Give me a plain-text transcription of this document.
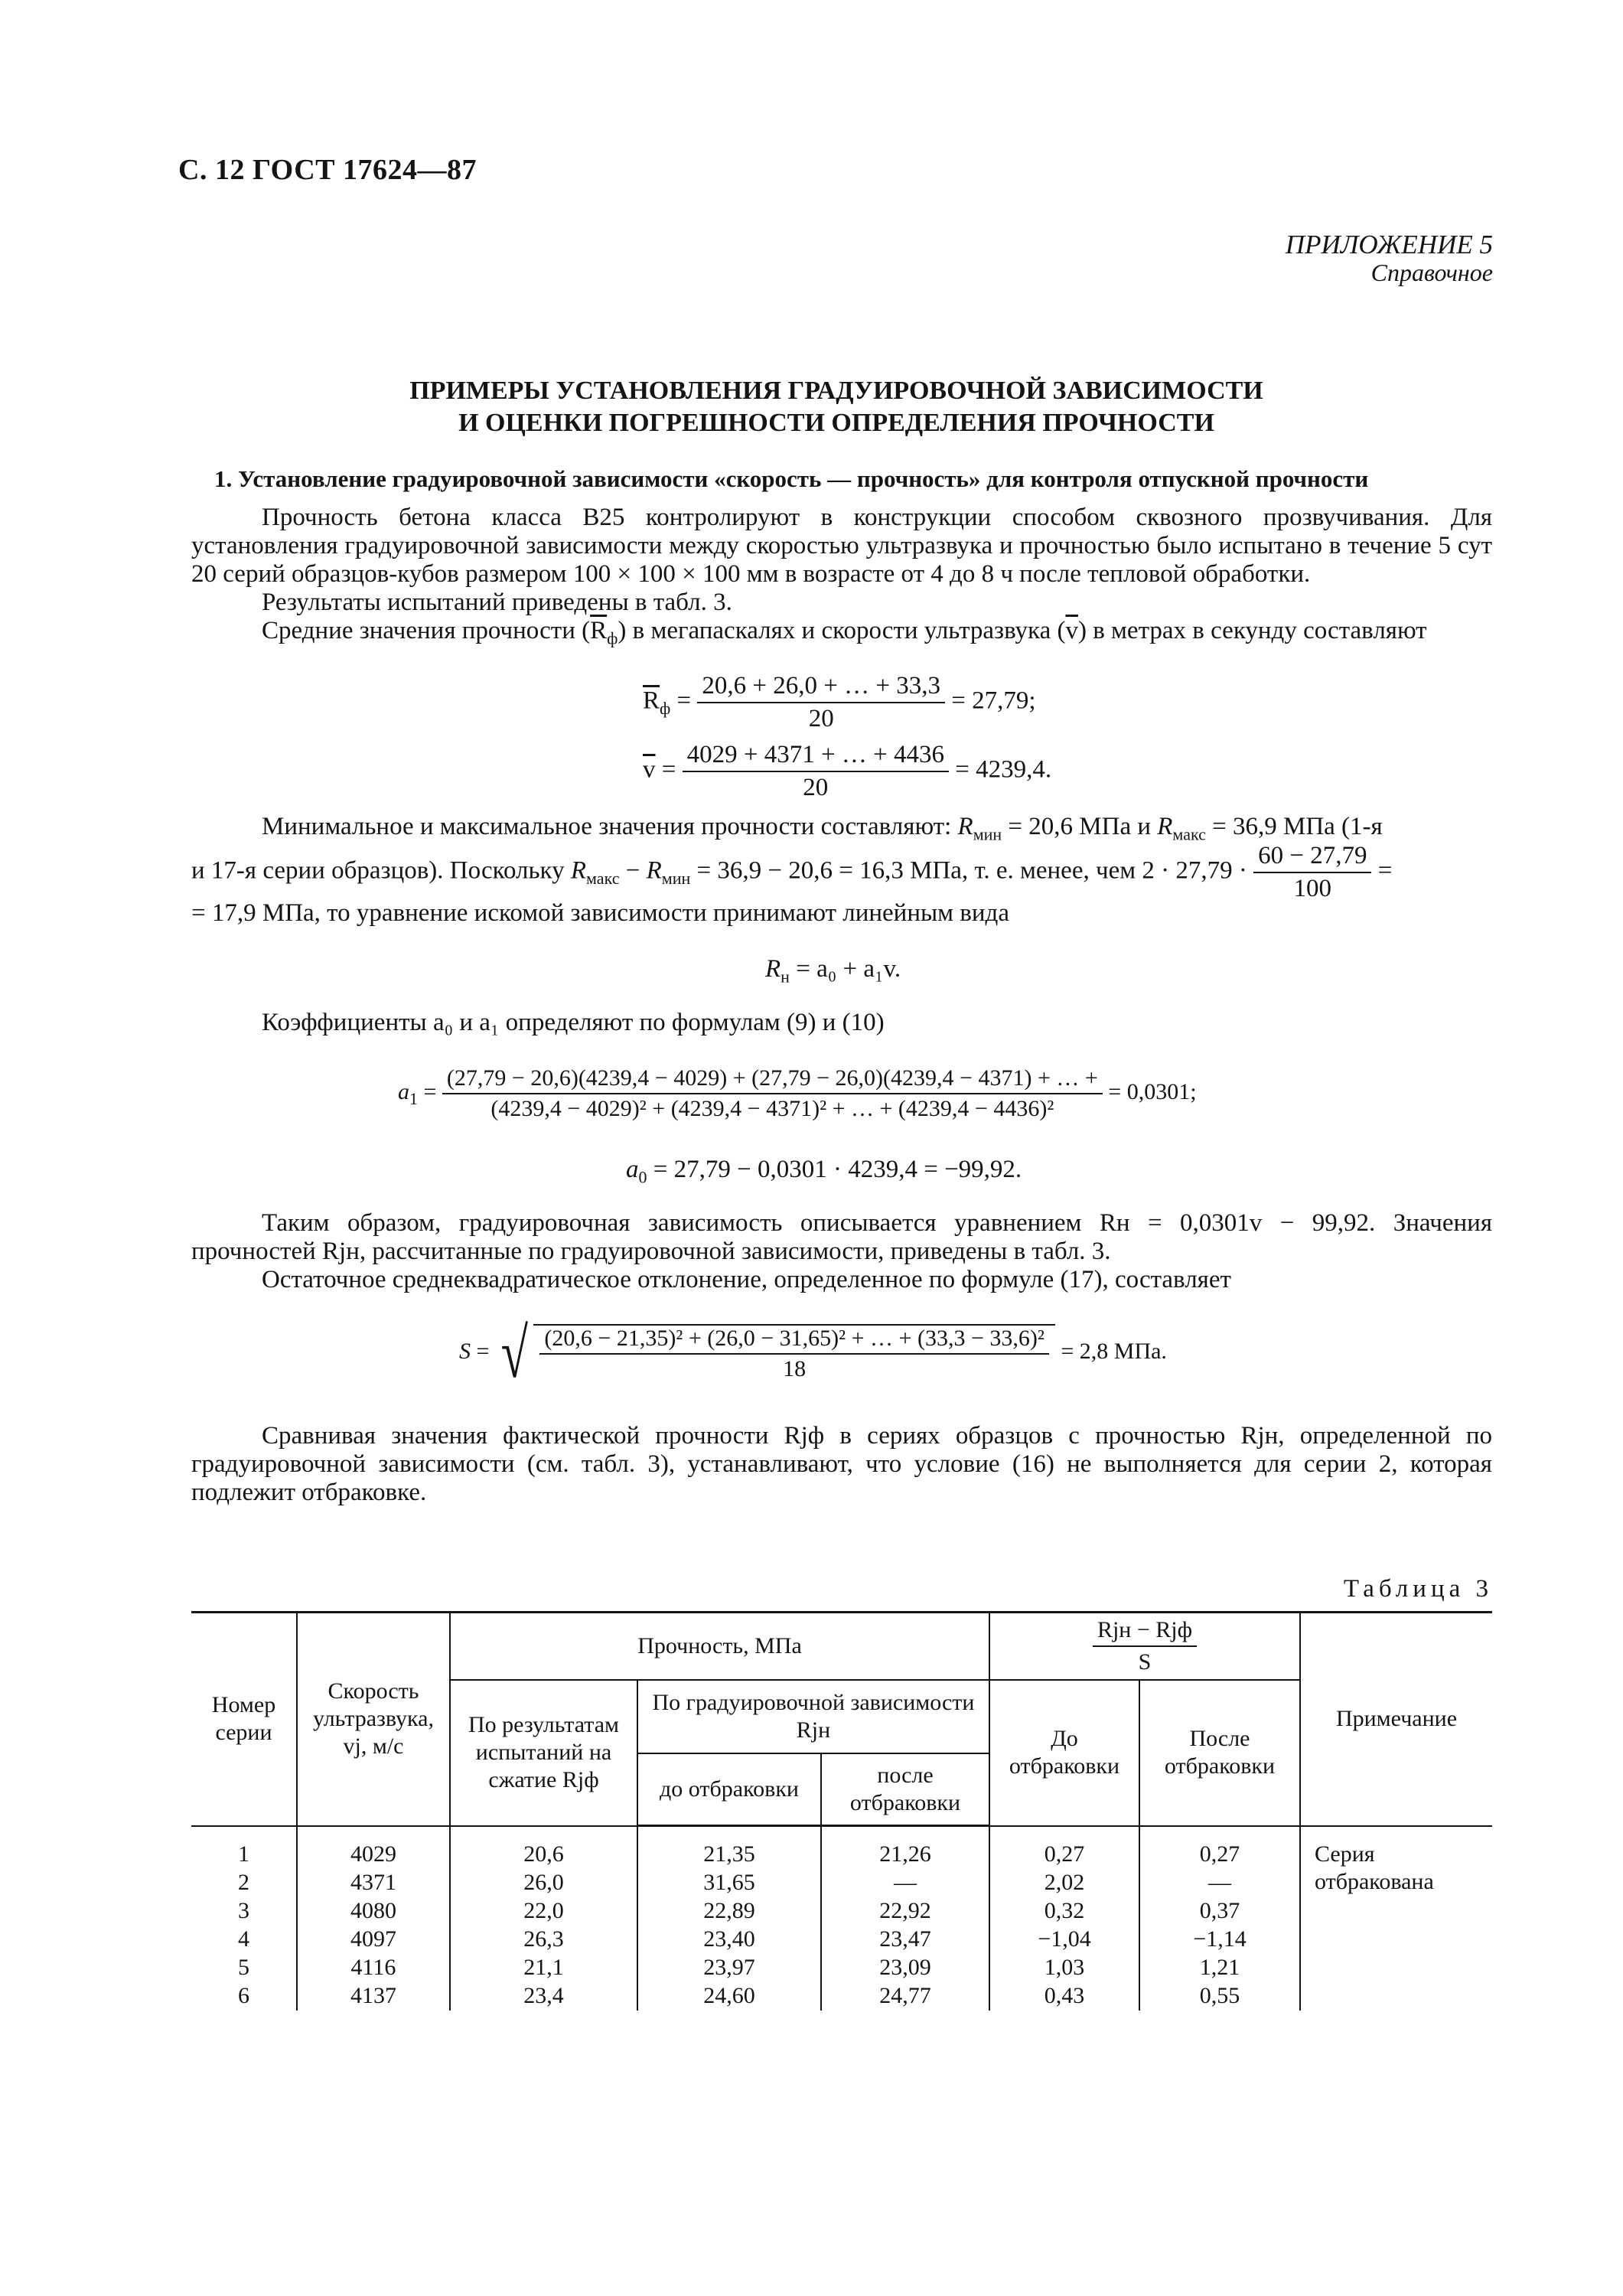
С. 12 ГОСТ 17624—87
ПРИЛОЖЕНИЕ 5
Справочное
ПРИМЕРЫ УСТАНОВЛЕНИЯ ГРАДУИРОВОЧНОЙ ЗАВИСИМОСТИ
И ОЦЕНКИ ПОГРЕШНОСТИ ОПРЕДЕЛЕНИЯ ПРОЧНОСТИ
1. Установление градуировочной зависимости «скорость — прочность» для контроля отпускной прочности

Прочность бетона класса В25 контролируют в конструкции способом сквозного прозвучивания. Для установления градуировочной зависимости между скоростью ультразвука и прочностью было испытано в течение 5 сут 20 серий образцов-кубов размером 100 × 100 × 100 мм в возрасте от 4 до 8 ч после тепловой обработки.

Результаты испытаний приведены в табл. 3.

Средние значения прочности $(\overline{R}_ф)$ в мегапаскалях и скорости ультразвука $(\overline{v})$ в метрах в секунду составляют

$\overline{R}_ф = \frac{20,6 + 26,0 + \dots + 33,3}{20} = 27,79$;
$\overline{v} = \frac{4029 + 4371 + \dots + 4436}{20} = 4239,4$.
Минимальное и максимальное значения прочности составляют: $R_{мин} = 20,6$ МПа и $R_{макс} = 36,9$ МПа (1-я
и 17-я серии образцов). Поскольку $R_{макс} - R_{мин} = 36,9 - 20,6 = 16,3$ МПа, т. е. менее, чем $2 \cdot 27,79 \cdot \frac{60 - 27,79}{100}$ =
= 17,9 МПа, то уравнение искомой зависимости принимают линейным вида
$R_н = a_0 + a_1v$.
Коэффициенты a₀ и a₁ определяют по формулам (9) и (10)
$a_1$ =
(27,79 − 20,6)(4239,4 − 4029) + (27,79 − 26,0)(4239,4 − 4371) + … +
(4239,4 − 4029)² + (4239,4 − 4371)² + … + (4239,4 − 4436)²
= 0,0301;
$a_0 = 27,79 - 0,0301 \cdot 4239,4 = -99,92$.

Таким образом, градуировочная зависимость описывается уравнением Rн = 0,0301v − 99,92. Значения прочностей Rjн, рассчитанные по градуировочной зависимости, приведены в табл. 3.

Остаточное среднеквадратическое отклонение, определенное по формуле (17), составляет

S = √ $\frac{\text{(20,6 − 21,35)² + (26,0 − 31,65)² + … + (33,3 − 33,6)²}}{18} = 2,8$ МПа.

Сравнивая значения фактической прочности Rjф в сериях образцов с прочностью Rjн, определенной по градуировочной зависимости (см. табл. 3), устанавливают, что условие (16) не выполняется для серии 2, которая подлежит отбраковке.

Таблица 3
Номер серии	Скорость ультразвука, vj, м/с	Прочность, МПа			$\frac{\text{Rjн − Rjф}}{S}$		Примечание
		По результатам испытаний на сжатие Rjф	По градуировочной зависимости Rjн		До отбраковки	После отбраковки	
			до отбраковки	после отбраковки			
1	4029	20,6	21,35	21,26	0,27	0,27	Серия отбракована

2	4371	26,0	31,65	—	2,02	—	
3	4080	22,0	22,89	22,92	0,32	0,37	
4	4097	26,3	23,40	23,47	−1,04	−1,14	
5	4116	21,1	23,97	23,09	1,03	1,21	
6	4137	23,4	24,60	24,77	0,43	0,55	
